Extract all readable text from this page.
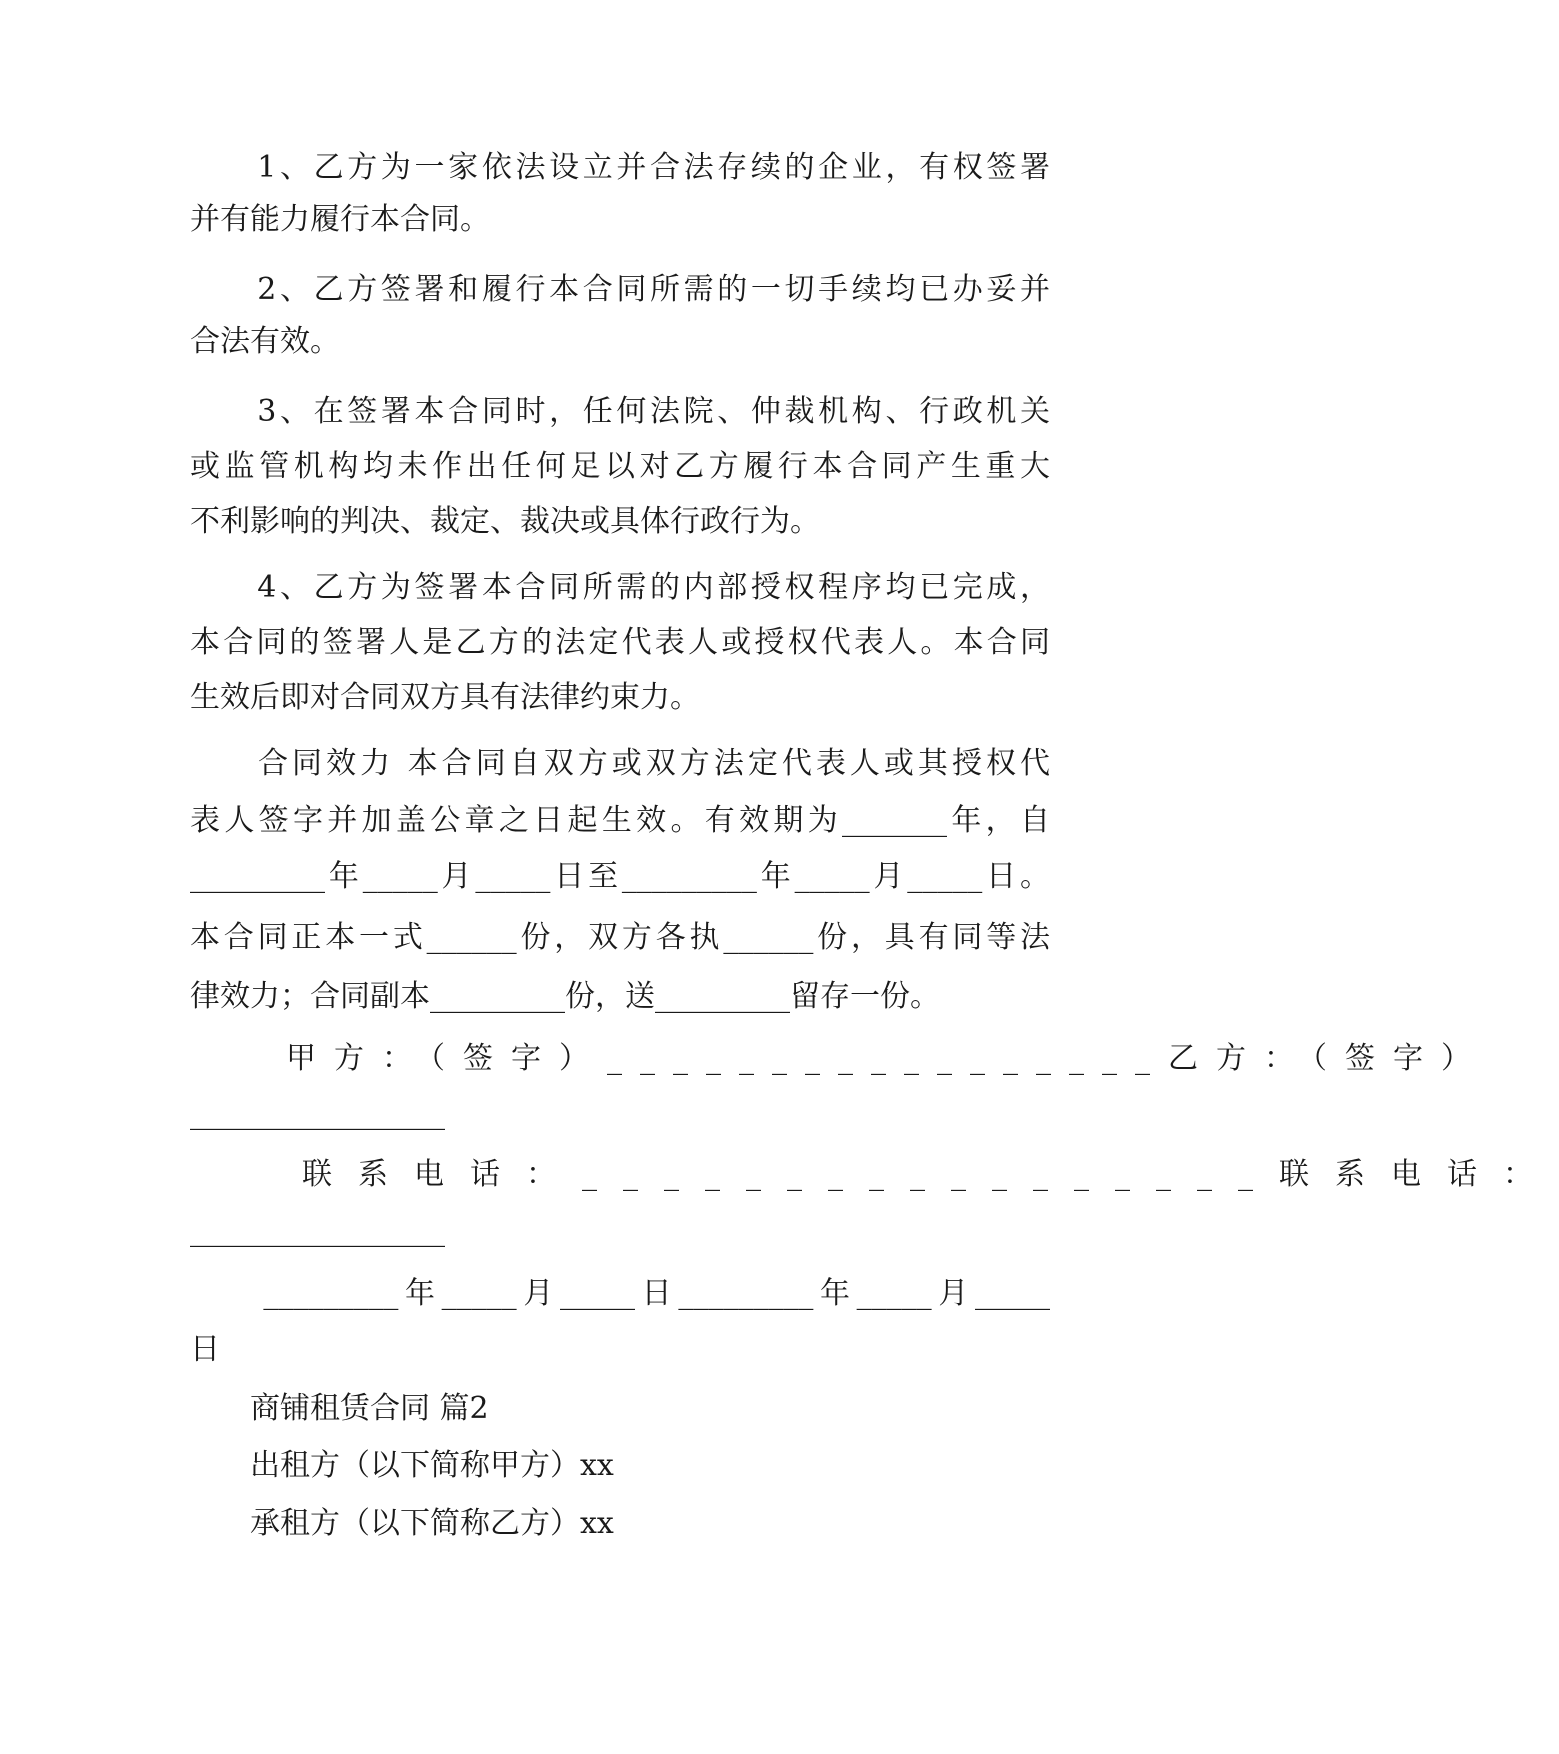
　　1、乙方为一家依法设立并合法存续的企业，有权签署
并有能力履行本合同。
　　2、乙方签署和履行本合同所需的一切手续均已办妥并
合法有效。
　　3、在签署本合同时，任何法院、仲裁机构、行政机关
或监管机构均未作出任何足以对乙方履行本合同产生重大
不利影响的判决、裁定、裁决或具体行政行为。
　　4、乙方为签署本合同所需的内部授权程序均已完成，
本合同的签署人是乙方的法定代表人或授权代表人。本合同
生效后即对合同双方具有法律约束力。
　　合同效力 本合同自双方或双方法定代表人或其授权代
表人签字并加盖公章之日起生效。有效期为_______年，自
_________年_____月_____日至_________年_____月_____日。
本合同正本一式______份，双方各执______份，具有同等法
律效力；合同副本_________份，送_________留存一份。
　　甲方：（签字）_________________乙方：（签字）
_________________
　　联系电话：_________________联系电话：
_________________
　　_________年_____月_____日_________年_____月_____
日
　　商铺租赁合同 篇2
　　出租方（以下简称甲方）xx
　　承租方（以下简称乙方）xx
